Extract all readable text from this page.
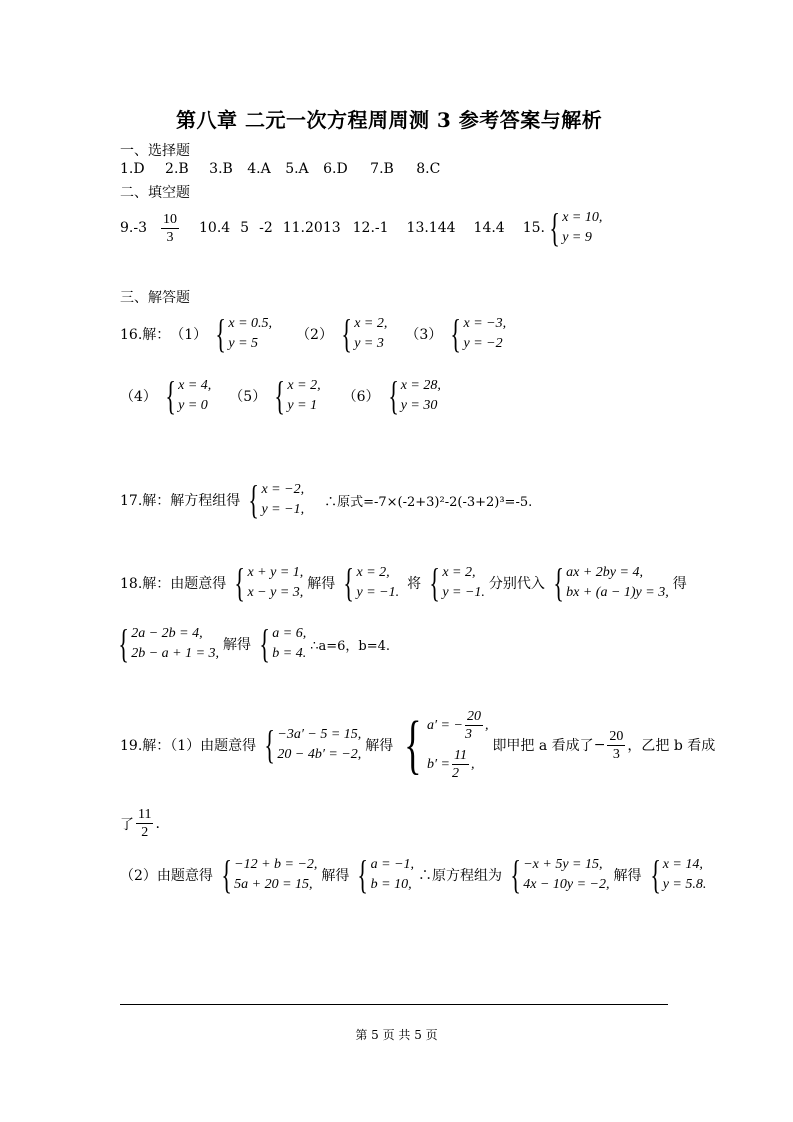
第八章 二元一次方程周周测 3 参考答案与解析
一、选择题
1.D 2.B 3.B 4.A 5.A 6.D 7.B 8.C
二、填空题
$9.-3 \frac{10}{3} 10.4$ 5 -2 11.2013 12.-1 13.144 14.4 15. { x = 10,
y = 9
三、解答题
16.解： （1） { x = 0.5,
y = 5
（2） { x = 2,
y = 3
（3） { x = −3,
y = −2
（4） { x = 4,
y = 0
（5） { x = 2,
y = 1
（6） { x = 28,
y = 30
17.解：解方程组得 { x = −2,
y = −1, ∴原式=-7×(-2+3)²-2(-3+2)³=-5.
18.解：由题意得 { x + y = 1,
x − y = 3,
解得 { x = 2,
y = −1.
将 { x = 2,
y = −1.
分别代入 { ax + 2by = 4,
bx + (a − 1)y = 3,
得
{ 2a − 2b = 4,
2b − a + 1 = 3,
解得 { a = 6,
b = 4. ∴a=6，b=4.
19.解：（1）由题意得 { −3a′ − 5 = 15,
20 − 4b′ = −2,
解得 { a′ = − $\frac{20}{3}$ ,
$b' = \frac{11}{2}$ ,
即甲把 a 看成了 − $\frac{20}{3}$ ，乙把 b 看成
了 $\frac{11}{2}$ .
（2）由题意得 { −12 + b = −2,
5a + 20 = 15,
解得 { a = −1,
b = 10,
∴原方程组为 { −x + 5y = 15,
4x − 10y = −2,
解得 { x = 14,
y = 5.8.
第 5 页 共 5 页
